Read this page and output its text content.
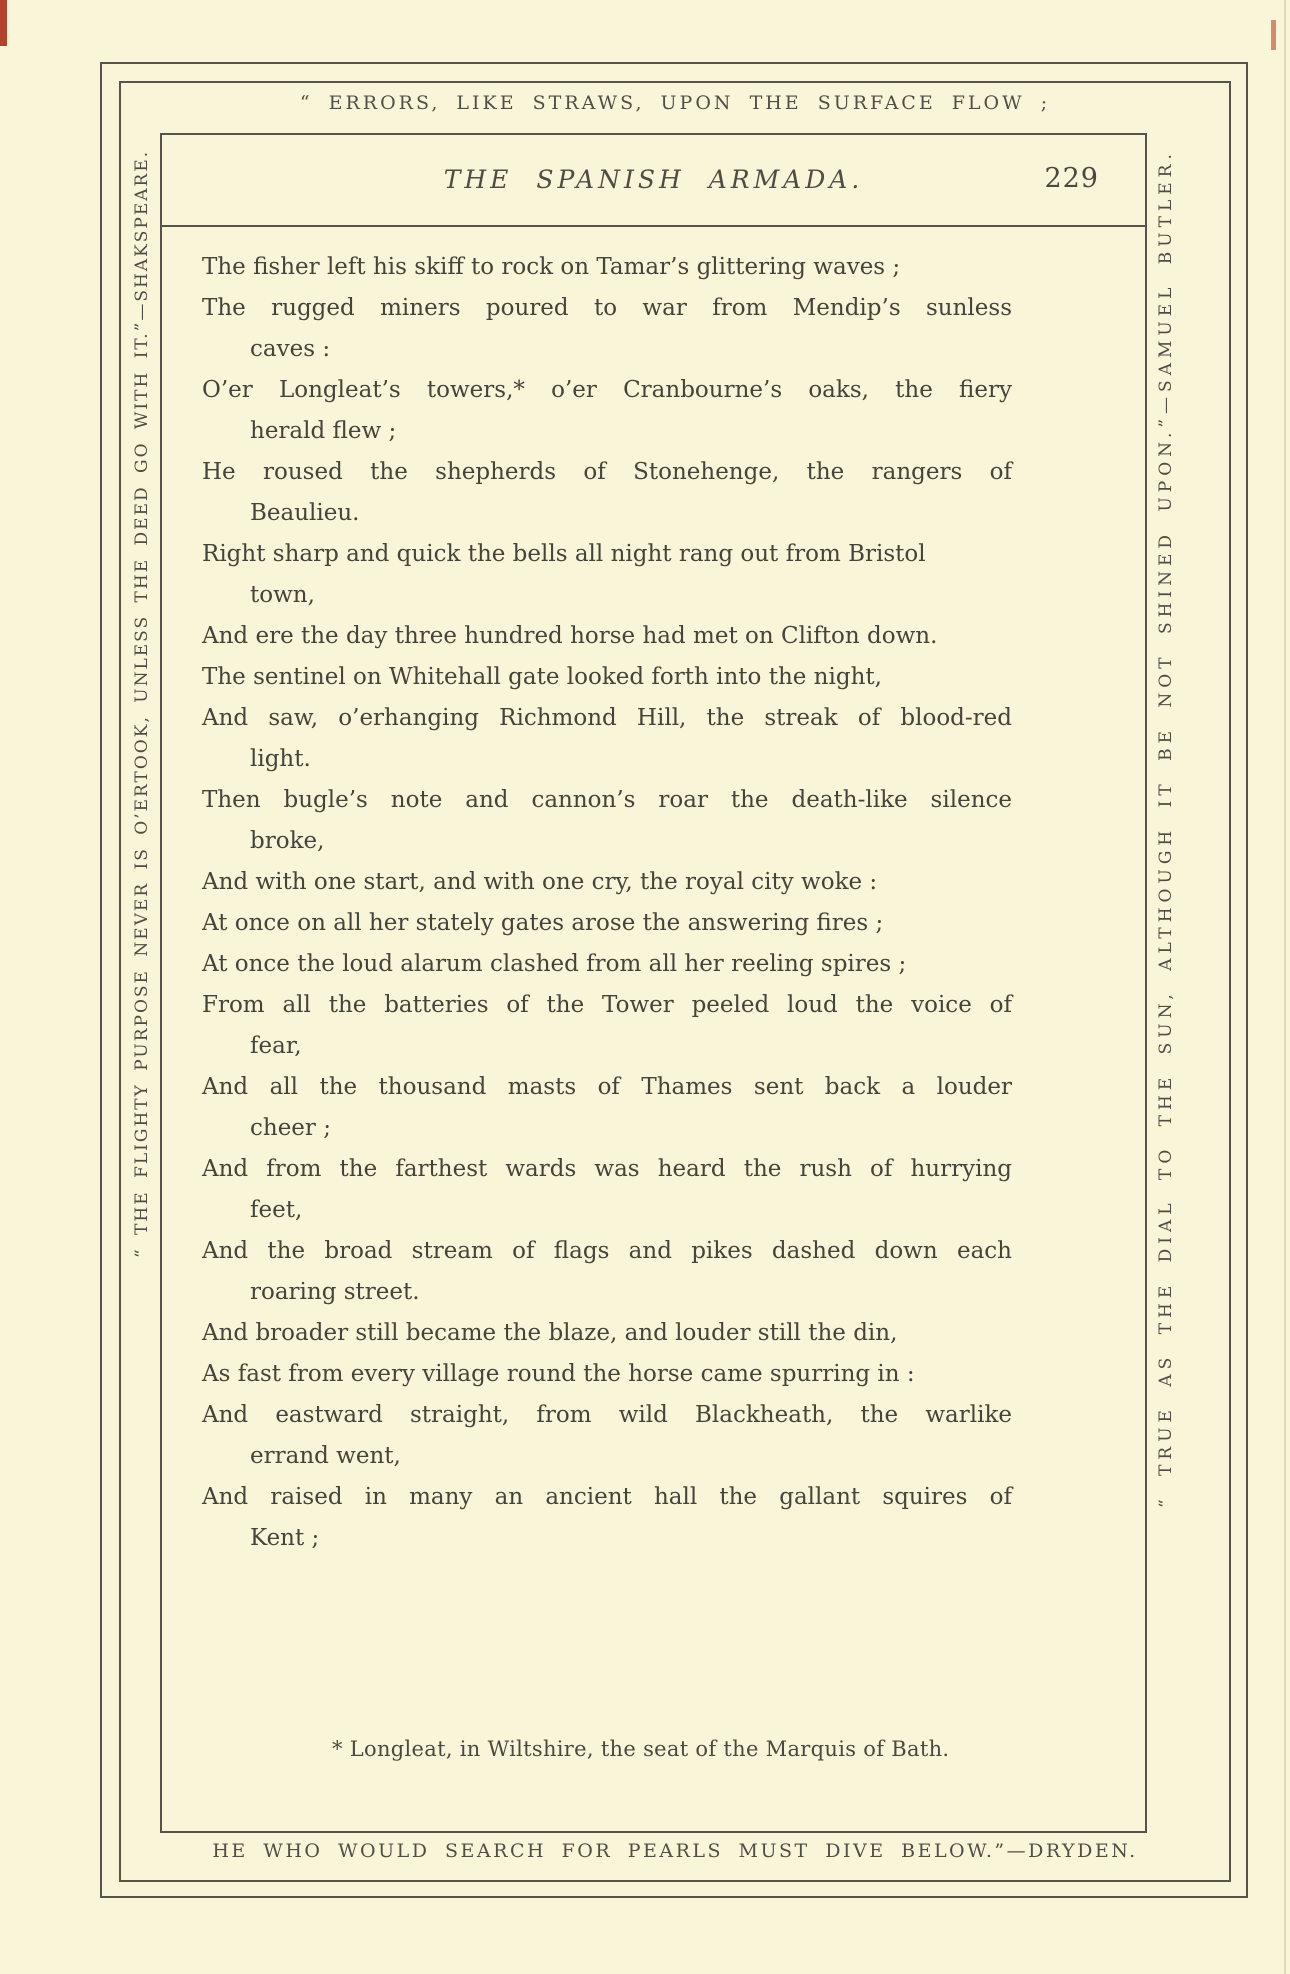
“ ERRORS, LIKE STRAWS, UPON THE SURFACE FLOW ;
“ THE FLIGHTY PURPOSE NEVER IS O’ERTOOK, UNLESS THE DEED GO WITH IT.”—SHAKSPEARE.	“ TRUE AS THE DIAL TO THE SUN, ALTHOUGH IT BE NOT SHINED UPON.”—SAMUEL BUTLER.
THE SPANISH ARMADA.	229
The fisher left his skiff to rock on Tamar’s glittering waves ;
The rugged miners poured to war from Mendip’s sunless
caves :
O’er Longleat’s towers,* o’er Cranbourne’s oaks, the fiery
herald flew ;
He roused the shepherds of Stonehenge, the rangers of
Beaulieu.
Right sharp and quick the bells all night rang out from Bristol
town,
And ere the day three hundred horse had met on Clifton down.
The sentinel on Whitehall gate looked forth into the night,
And saw, o’erhanging Richmond Hill, the streak of blood-red
light.
Then bugle’s note and cannon’s roar the death-like silence
broke,
And with one start, and with one cry, the royal city woke :
At once on all her stately gates arose the answering fires ;
At once the loud alarum clashed from all her reeling spires ;
From all the batteries of the Tower peeled loud the voice of
fear,
And all the thousand masts of Thames sent back a louder
cheer ;
And from the farthest wards was heard the rush of hurrying
feet,
And the broad stream of flags and pikes dashed down each
roaring street.
And broader still became the blaze, and louder still the din,
As fast from every village round the horse came spurring in :
And eastward straight, from wild Blackheath, the warlike
errand went,
And raised in many an ancient hall the gallant squires of
Kent ;
* Longleat, in Wiltshire, the seat of the Marquis of Bath.
HE WHO WOULD SEARCH FOR PEARLS MUST DIVE BELOW.”—DRYDEN.
